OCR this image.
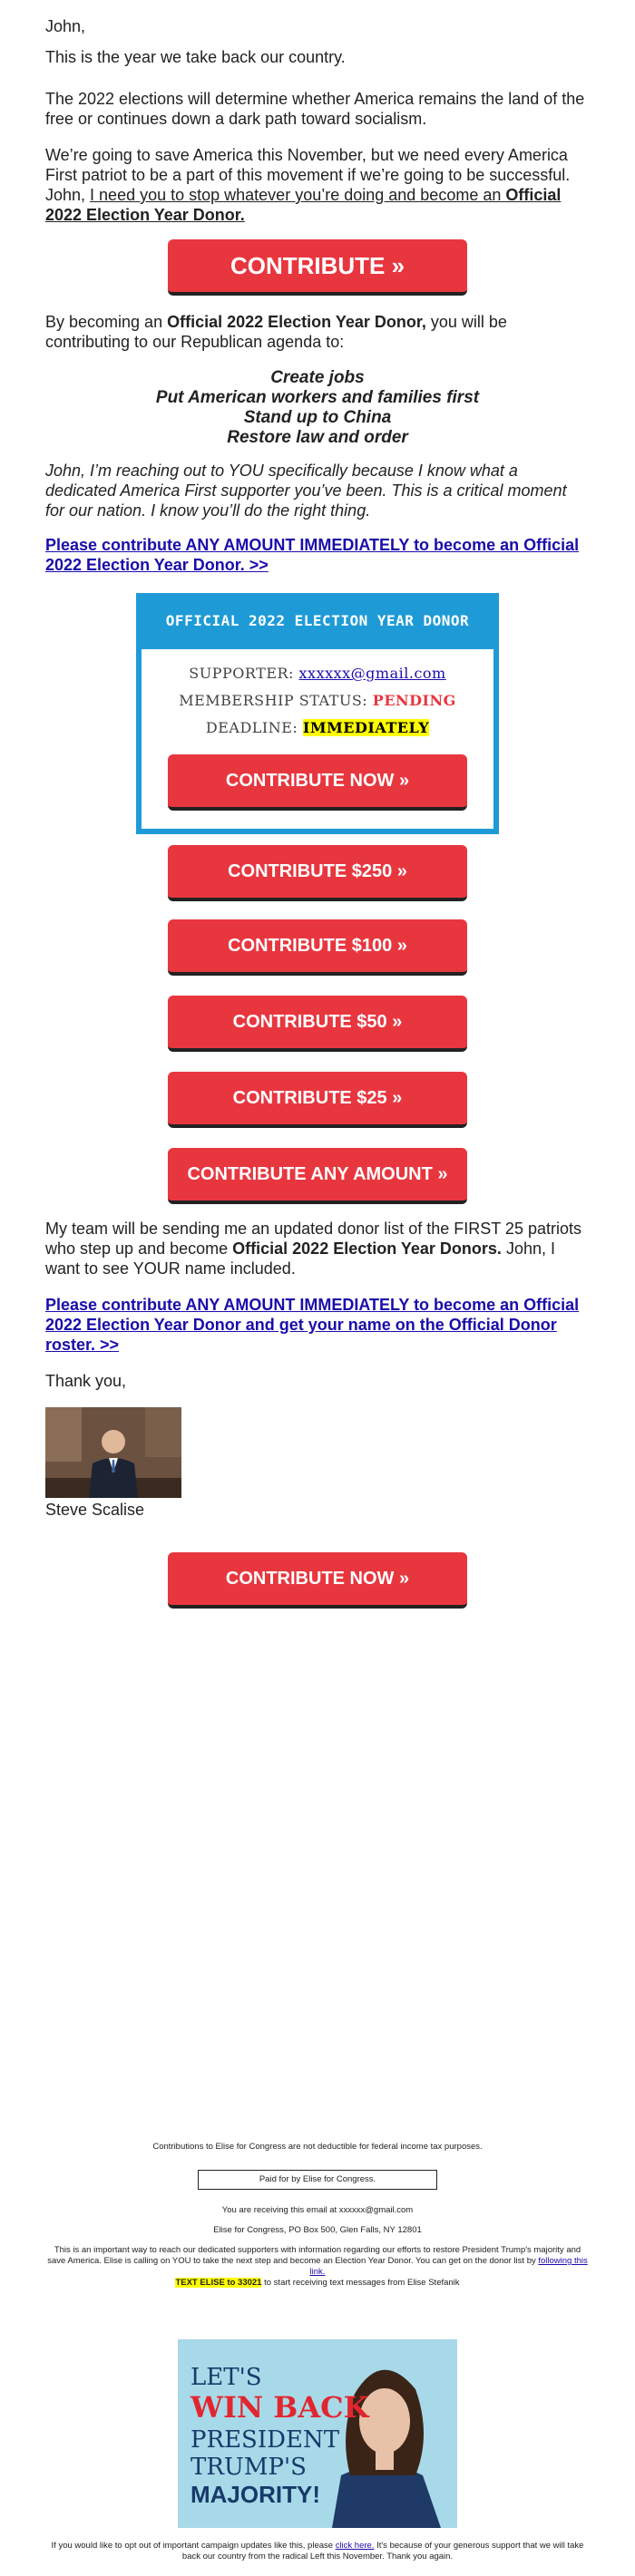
John,

This is the year we take back our country.

The 2022 elections will determine whether America remains the land of the free or continues down a dark path toward socialism.

We’re going to save America this November, but we need every America First patriot to be a part of this movement if we’re going to be successful. John, I need you to stop whatever you’re doing and become an Official 2022 Election Year Donor.

CONTRIBUTE »

By becoming an Official 2022 Election Year Donor, you will be contributing to our Republican agenda to:

Create jobs
Put American workers and families first
Stand up to China
Restore law and order

John, I’m reaching out to YOU specifically because I know what a dedicated America First supporter you’ve been. This is a critical moment for our nation. I know you’ll do the right thing.

Please contribute ANY AMOUNT IMMEDIATELY to become an Official 2022 Election Year Donor. >>
OFFICIAL 2022 ELECTION YEAR DONOR
SUPPORTER: xxxxxx@gmail.com
MEMBERSHIP STATUS: PENDING
DEADLINE: IMMEDIATELY
CONTRIBUTE NOW »
CONTRIBUTE $250 »
CONTRIBUTE $100 »
CONTRIBUTE $50 »
CONTRIBUTE $25 »
CONTRIBUTE ANY AMOUNT »

My team will be sending me an updated donor list of the FIRST 25 patriots who step up and become Official 2022 Election Year Donors. John, I want to see YOUR name included.

Please contribute ANY AMOUNT IMMEDIATELY to become an Official 2022 Election Year Donor and get your name on the Official Donor roster. >>

Thank you,

Steve Scalise

CONTRIBUTE NOW »
Contributions to Elise for Congress are not deductible for federal income tax purposes.
Paid for by Elise for Congress.
You are receiving this email at xxxxxx@gmail.com
Elise for Congress, PO Box 500, Glen Falls, NY 12801
This is an important way to reach our dedicated supporters with information regarding our efforts to restore President Trump's majority and save America. Elise is calling on YOU to take the next step and become an Election Year Donor. You can get on the donor list by following this link.
TEXT ELISE to 33021 to start receiving text messages from Elise Stefanik
LET'S
WIN BACK
PRESIDENT
TRUMP'S
MAJORITY!
If you would like to opt out of important campaign updates like this, please click here. It's because of your generous support that we will take back our country from the radical Left this November. Thank you again.
